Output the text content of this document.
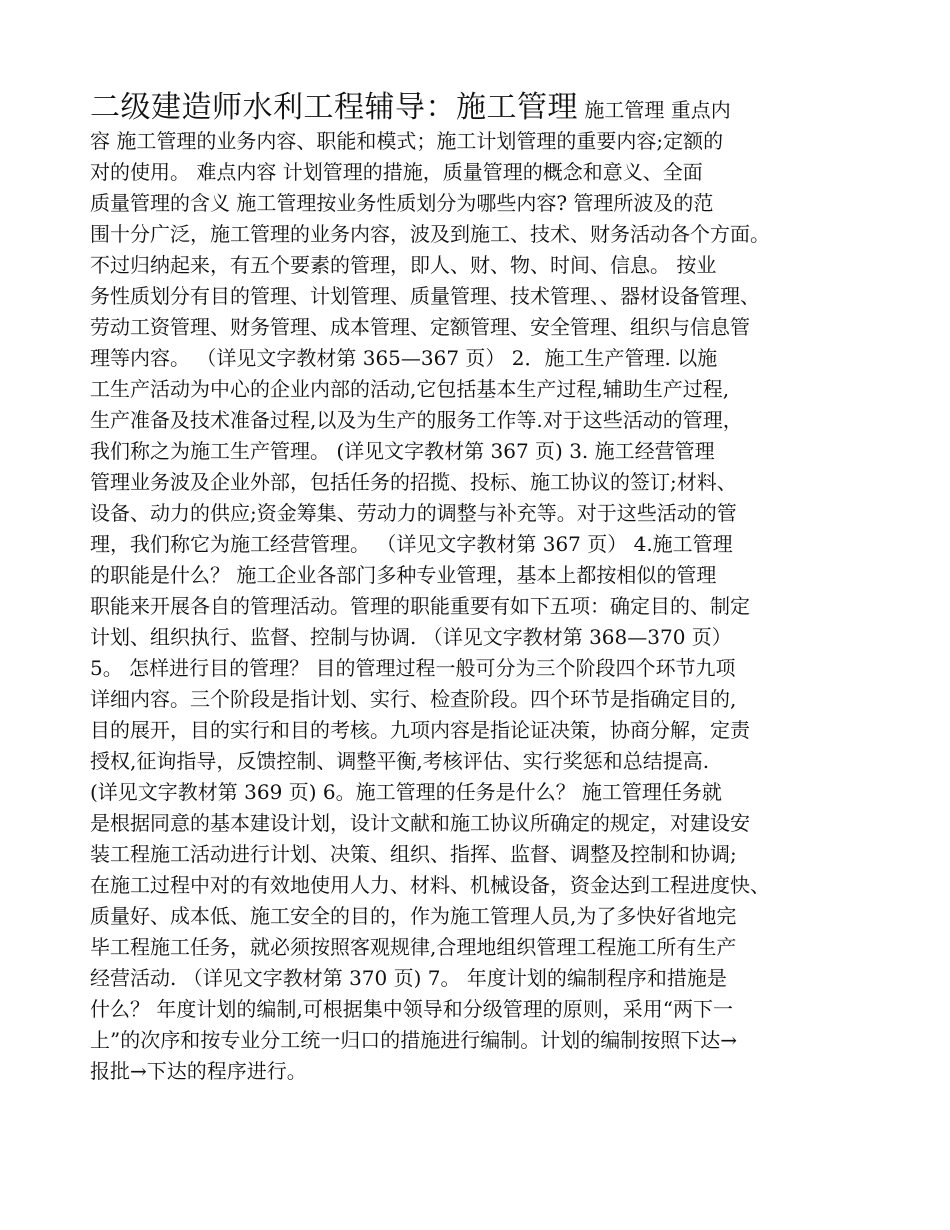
二级建造师水利工程辅导：施工管理 施工管理 重点内
容 施工管理的业务内容、职能和模式；施工计划管理的重要内容;定额的
对的使用。 难点内容 计划管理的措施，质量管理的概念和意义、全面
质量管理的含义 施工管理按业务性质划分为哪些内容? 管理所波及的范
围十分广泛，施工管理的业务内容，波及到施工、技术、财务活动各个方面。
不过归纳起来，有五个要素的管理，即人、财、物、时间、信息。 按业
务性质划分有目的管理、计划管理、质量管理、技术管理、、器材设备管理、
劳动工资管理、财务管理、成本管理、定额管理、安全管理、组织与信息管
理等内容。 （详见文字教材第 365—367 页） 2．施工生产管理. 以施
工生产活动为中心的企业内部的活动,它包括基本生产过程,辅助生产过程,
生产准备及技术准备过程,以及为生产的服务工作等.对于这些活动的管理，
我们称之为施工生产管理。 (详见文字教材第 367 页) 3. 施工经营管理
管理业务波及企业外部，包括任务的招揽、投标、施工协议的签订;材料、
设备、动力的供应;资金筹集、劳动力的调整与补充等。对于这些活动的管
理，我们称它为施工经营管理。 （详见文字教材第 367 页） 4.施工管理
的职能是什么？ 施工企业各部门多种专业管理，基本上都按相似的管理
职能来开展各自的管理活动。管理的职能重要有如下五项：确定目的、制定
计划、组织执行、监督、控制与协调. （详见文字教材第 368—370 页）
5。 怎样进行目的管理？ 目的管理过程一般可分为三个阶段四个环节九项
详细内容。三个阶段是指计划、实行、检查阶段。四个环节是指确定目的,
目的展开，目的实行和目的考核。九项内容是指论证决策，协商分解，定责
授权,征询指导，反馈控制、调整平衡,考核评估、实行奖惩和总结提高.
(详见文字教材第 369 页) 6。施工管理的任务是什么？ 施工管理任务就
是根据同意的基本建设计划，设计文献和施工协议所确定的规定，对建设安
装工程施工活动进行计划、决策、组织、指挥、监督、调整及控制和协调;
在施工过程中对的有效地使用人力、材料、机械设备，资金达到工程进度快、
质量好、成本低、施工安全的目的，作为施工管理人员,为了多快好省地完
毕工程施工任务，就必须按照客观规律,合理地组织管理工程施工所有生产
经营活动. （详见文字教材第 370 页) 7。 年度计划的编制程序和措施是
什么？ 年度计划的编制,可根据集中领导和分级管理的原则，采用“两下一
上”的次序和按专业分工统一归口的措施进行编制。计划的编制按照下达→
报批→下达的程序进行。
